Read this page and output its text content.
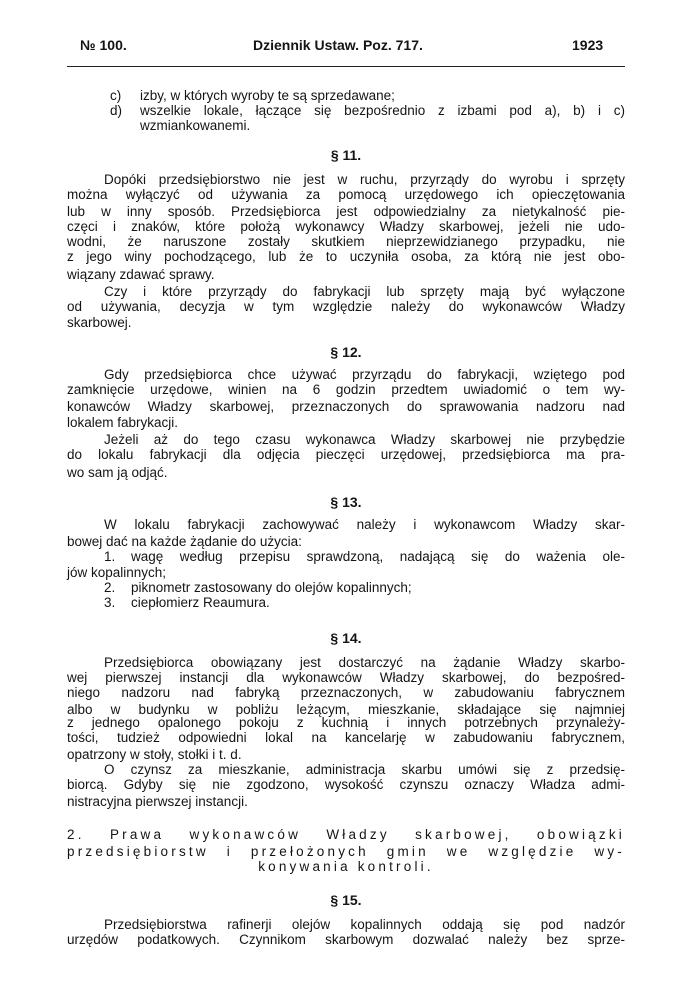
№ 100.	Dziennik Ustaw. Poz. 717.	1923
c) izby, w których wyroby te są sprzedawane;
d) wszelkie lokale, łączące się bezpośrednio z izbami pod a), b) i c)
wzmiankowanemi.
§ 11.
Dopóki przedsiębiorstwo nie jest w ruchu, przyrządy do wyrobu i sprzęty
można wyłączyć od używania za pomocą urzędowego ich opieczętowania
lub w inny sposób. Przedsiębiorca jest odpowiedzialny za nietykalność pie-
częci i znaków, które położą wykonawcy Władzy skarbowej, jeżeli nie udo-
wodni, że naruszone zostały skutkiem nieprzewidzianego przypadku, nie
z jego winy pochodzącego, lub że to uczyniła osoba, za którą nie jest obo-
wiązany zdawać sprawy.
Czy i które przyrządy do fabrykacji lub sprzęty mają być wyłączone
od używania, decyzja w tym względzie należy do wykonawców Władzy
skarbowej.
§ 12.
Gdy przedsiębiorca chce używać przyrządu do fabrykacji, wziętego pod
zamknięcie urzędowe, winien na 6 godzin przedtem uwiadomić o tem wy-
konawców Władzy skarbowej, przeznaczonych do sprawowania nadzoru nad
lokalem fabrykacji.
Jeżeli aż do tego czasu wykonawca Władzy skarbowej nie przybędzie
do lokalu fabrykacji dla odjęcia pieczęci urzędowej, przedsiębiorca ma pra-
wo sam ją odjąć.
§ 13.
W lokalu fabrykacji zachowywać należy i wykonawcom Władzy skar-
bowej dać na każde żądanie do użycia:
1. wagę według przepisu sprawdzoną, nadającą się do ważenia ole-
jów kopalinnych;
2. piknometr zastosowany do olejów kopalinnych;
3. ciepłomierz Reaumura.
§ 14.
Przedsiębiorca obowiązany jest dostarczyć na żądanie Władzy skarbo-
wej pierwszej instancji dla wykonawców Władzy skarbowej, do bezpośred-
niego nadzoru nad fabryką przeznaczonych, w zabudowaniu fabrycznem
albo w budynku w pobliżu leżącym, mieszkanie, składające się najmniej
z jednego opalonego pokoju z kuchnią i innych potrzebnych przynależy-
tości, tudzież odpowiedni lokal na kancelarję w zabudowaniu fabrycznem,
opatrzony w stoły, stołki i t. d.
O czynsz za mieszkanie, administracja skarbu umówi się z przedsię-
biorcą. Gdyby się nie zgodzono, wysokość czynszu oznaczy Władza admi-
nistracyjna pierwszej instancji.
2. Prawa wykonawców Władzy skarbowej, obowiązki
przedsiębiorstw i przełożonych gmin we względzie wy-
konywania kontroli.
§ 15.
Przedsiębiorstwa rafinerji olejów kopalinnych oddają się pod nadzór
urzędów podatkowych. Czynnikom skarbowym dozwalać należy bez sprze-
